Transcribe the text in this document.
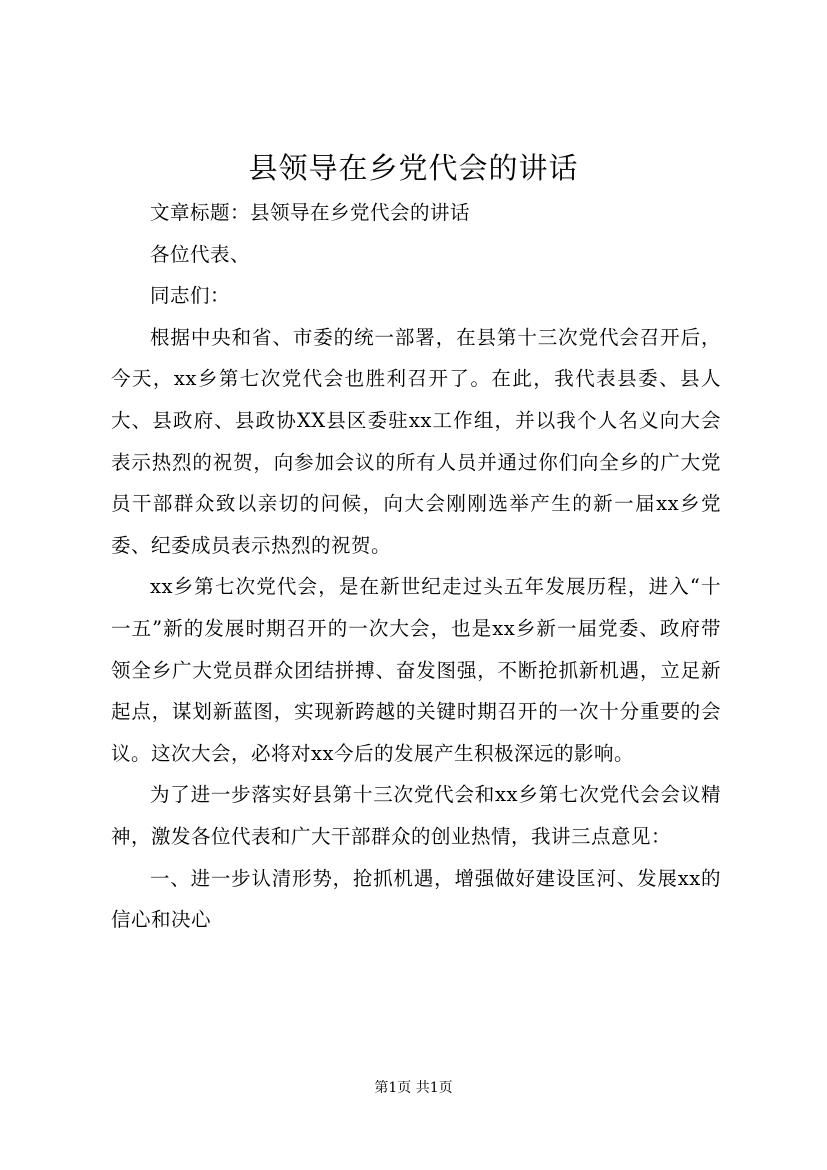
县领导在乡党代会的讲话

文章标题：县领导在乡党代会的讲话

各位代表、

同志们：

根据中央和省、市委的统一部署，在县第十三次党代会召开后，今天，xx乡第七次党代会也胜利召开了。在此，我代表县委、县人大、县政府、县政协XX县区委驻xx工作组，并以我个人名义向大会表示热烈的祝贺，向参加会议的所有人员并通过你们向全乡的广大党员干部群众致以亲切的问候，向大会刚刚选举产生的新一届xx乡党委、纪委成员表示热烈的祝贺。

xx乡第七次党代会，是在新世纪走过头五年发展历程，进入“十一五”新的发展时期召开的一次大会，也是xx乡新一届党委、政府带领全乡广大党员群众团结拼搏、奋发图强，不断抢抓新机遇，立足新起点，谋划新蓝图，实现新跨越的关键时期召开的一次十分重要的会议。这次大会，必将对xx今后的发展产生积极深远的影响。

为了进一步落实好县第十三次党代会和xx乡第七次党代会会议精神，激发各位代表和广大干部群众的创业热情，我讲三点意见：

一、进一步认清形势，抢抓机遇，增强做好建设匡河、发展xx的信心和决心

第1页 共1页
